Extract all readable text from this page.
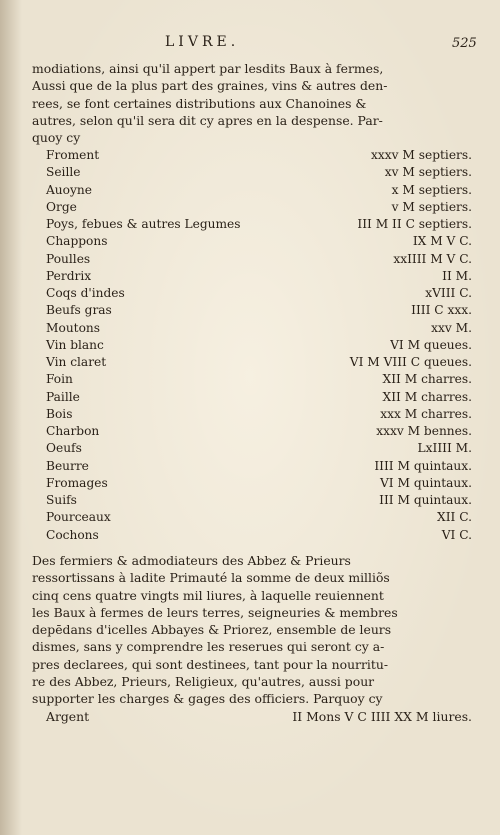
LIVRE.	525
modiations, ainsi qu'il appert par lesdits Baux à fermes,
Aussi que de la plus part des graines, vins & autres den-
rees, se font certaines distributions aux Chanoines &
autres, selon qu'il sera dit cy apres en la despense. Par-
quoy cy
Froment	xxxv M septiers.
Seille	xv M septiers.
Auoyne	x M septiers.
Orge	v M septiers.
Poys, febues & autres Legumes	III M II C septiers.
Chappons	IX M V C.
Poulles	xxIIII M V C.
Perdrix	II M.
Coqs d'indes	xVIII C.
Beufs gras	IIII C xxx.
Moutons	xxv M.
Vin blanc	VI M queues.
Vin claret	VI M VIII C queues.
Foin	XII M charres.
Paille	XII M charres.
Bois	xxx M charres.
Charbon	xxxv M bennes.
Oeufs	LxIIII M.
Beurre	IIII M quintaux.
Fromages	VI M quintaux.
Suifs	III M quintaux.
Pourceaux	XII C.
Cochons	VI C.
Des fermiers & admodiateurs des Abbez & Prieurs
ressortissans à ladite Primauté la somme de deux milliõs
cinq cens quatre vingts mil liures, à laquelle reuiennent
les Baux à fermes de leurs terres, seigneuries & membres
depēdans d'icelles Abbayes & Priorez, ensemble de leurs
dismes, sans y comprendre les reserues qui seront cy a-
pres declarees, qui sont destinees, tant pour la nourritu-
re des Abbez, Prieurs, Religieux, qu'autres, aussi pour
supporter les charges & gages des officiers. Parquoy cy
Argent	II Mons V C IIII XX M liures.
